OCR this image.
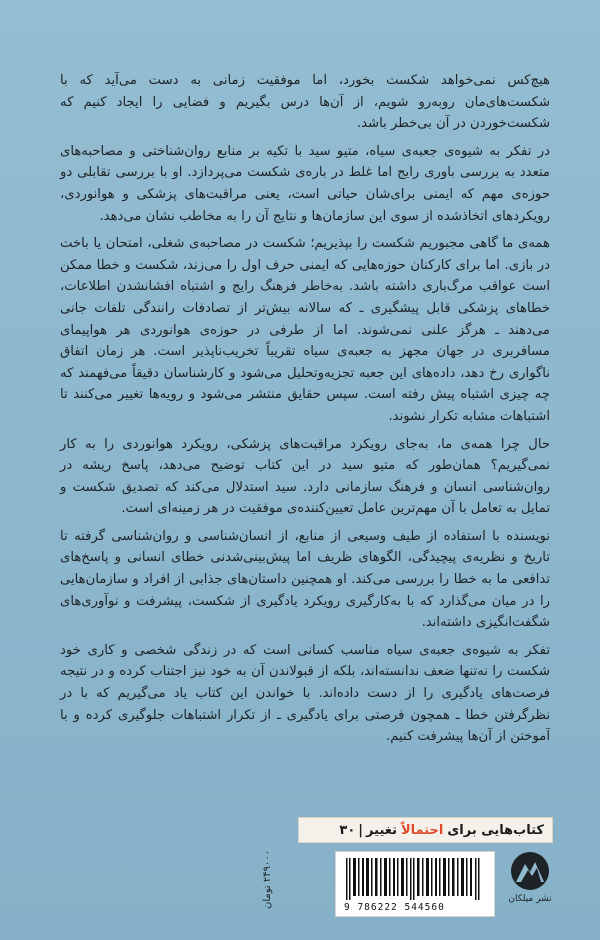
هیچ‌کس نمی‌خواهد شکست بخورد، اما موفقیت زمانی به دست می‌آید که با شکست‌های‌مان روبه‌رو شویم، از آن‌ها درس بگیریم و فضایی را ایجاد کنیم که شکست‌خوردن در آن بی‌خطر باشد.

در تفکر به شیوه‌ی جعبه‌ی سیاه، متیو سید با تکیه بر منابع روان‌شناختی و مصاحبه‌های متعدد به بررسی باوری رایج اما غلط در باره‌ی شکست می‌پردازد. او با بررسی تقابلی دو حوزه‌ی مهم که ایمنی برای‌شان حیاتی است، یعنی مراقبت‌های پزشکی و هوانوردی، رویکردهای اتخاذشده از سوی این سازمان‌ها و نتایج آن‌ را به مخاطب نشان می‌دهد.

همه‌ی ما گاهی مجبوریم شکست را بپذیریم؛ شکست در مصاحبه‌ی شغلی، امتحان یا باخت در بازی. اما برای کارکنان حوزه‌هایی که ایمنی حرف اول را می‌زند، شکست و خطا ممکن است عواقب مرگ‌باری داشته باشد. به‌خاطر فرهنگ رایج و اشتباه افشانشدن اطلاعات، خطاهای پزشکی قابل پیشگیری ـ که سالانه بیش‌تر از تصادفات رانندگی تلفات جانی می‌دهند ـ هرگز علنی نمی‌شوند. اما از طرفی در حوزه‌ی هوانوردی هر هواپیمای مسافربری در جهان مجهز به جعبه‌ی سیاه تقریباً تخریب‌ناپذیر است. هر زمان اتفاق ناگواری رخ دهد، داده‌های این جعبه تجزیه‌وتحلیل می‌شود و کارشناسان دقیقاً می‌فهمند که چه چیزی اشتباه پیش رفته است. سپس حقایق منتشر می‌شود و رویه‌ها تغییر می‌کنند تا اشتباهات مشابه تکرار نشوند.

حال چرا همه‌ی ما، به‌جای رویکرد مراقبت‌های پزشکی، رویکرد هوانوردی را به کار نمی‌گیریم؟ همان‌طور که متیو سید در این کتاب توضیح می‌دهد، پاسخ ریشه در روان‌شناسی انسان و فرهنگ سازمانی دارد. سید استدلال می‌کند که تصدیق شکست و تمایل به تعامل با آن مهم‌ترین عامل تعیین‌کننده‌ی موفقیت در هر زمینه‌ای است.

نویسنده با استفاده از طیف وسیعی از منابع، از انسان‌شناسی و روان‌شناسی گرفته تا تاریخ و نظریه‌ی پیچیدگی، الگوهای ظریف اما پیش‌بینی‌شدنی خطای انسانی و پاسخ‌های تدافعی ما به خطا را بررسی می‌کند. او همچنین داستان‌های جذابی از افراد و سازمان‌هایی را در میان می‌گذارد که با به‌کارگیری رویکرد یادگیری از شکست، پیشرفت و نوآوری‌های شگفت‌انگیزی داشته‌اند.

تفکر به شیوه‌ی جعبه‌ی سیاه مناسب کسانی است که در زندگی شخصی و کاری خود شکست را نه‌تنها ضعف ندانسته‌اند، بلکه از قبولاندن آن به خود نیز اجتناب کرده و در نتیجه فرصت‌های یادگیری را از دست داده‌اند. با خواندن این کتاب یاد می‌گیریم که با در نظرگرفتن خطا ـ همچون فرصتی برای یادگیری ـ از تکرار اشتباهات جلوگیری کرده و با آموختن از آن‌ها پیشرفت کنیم.

کتاب‌هایی برای
احتمالاً
تغییر
|
۳۰
۲۴۹۰۰۰ تومان
9 786222 544560
نشر میلکان
